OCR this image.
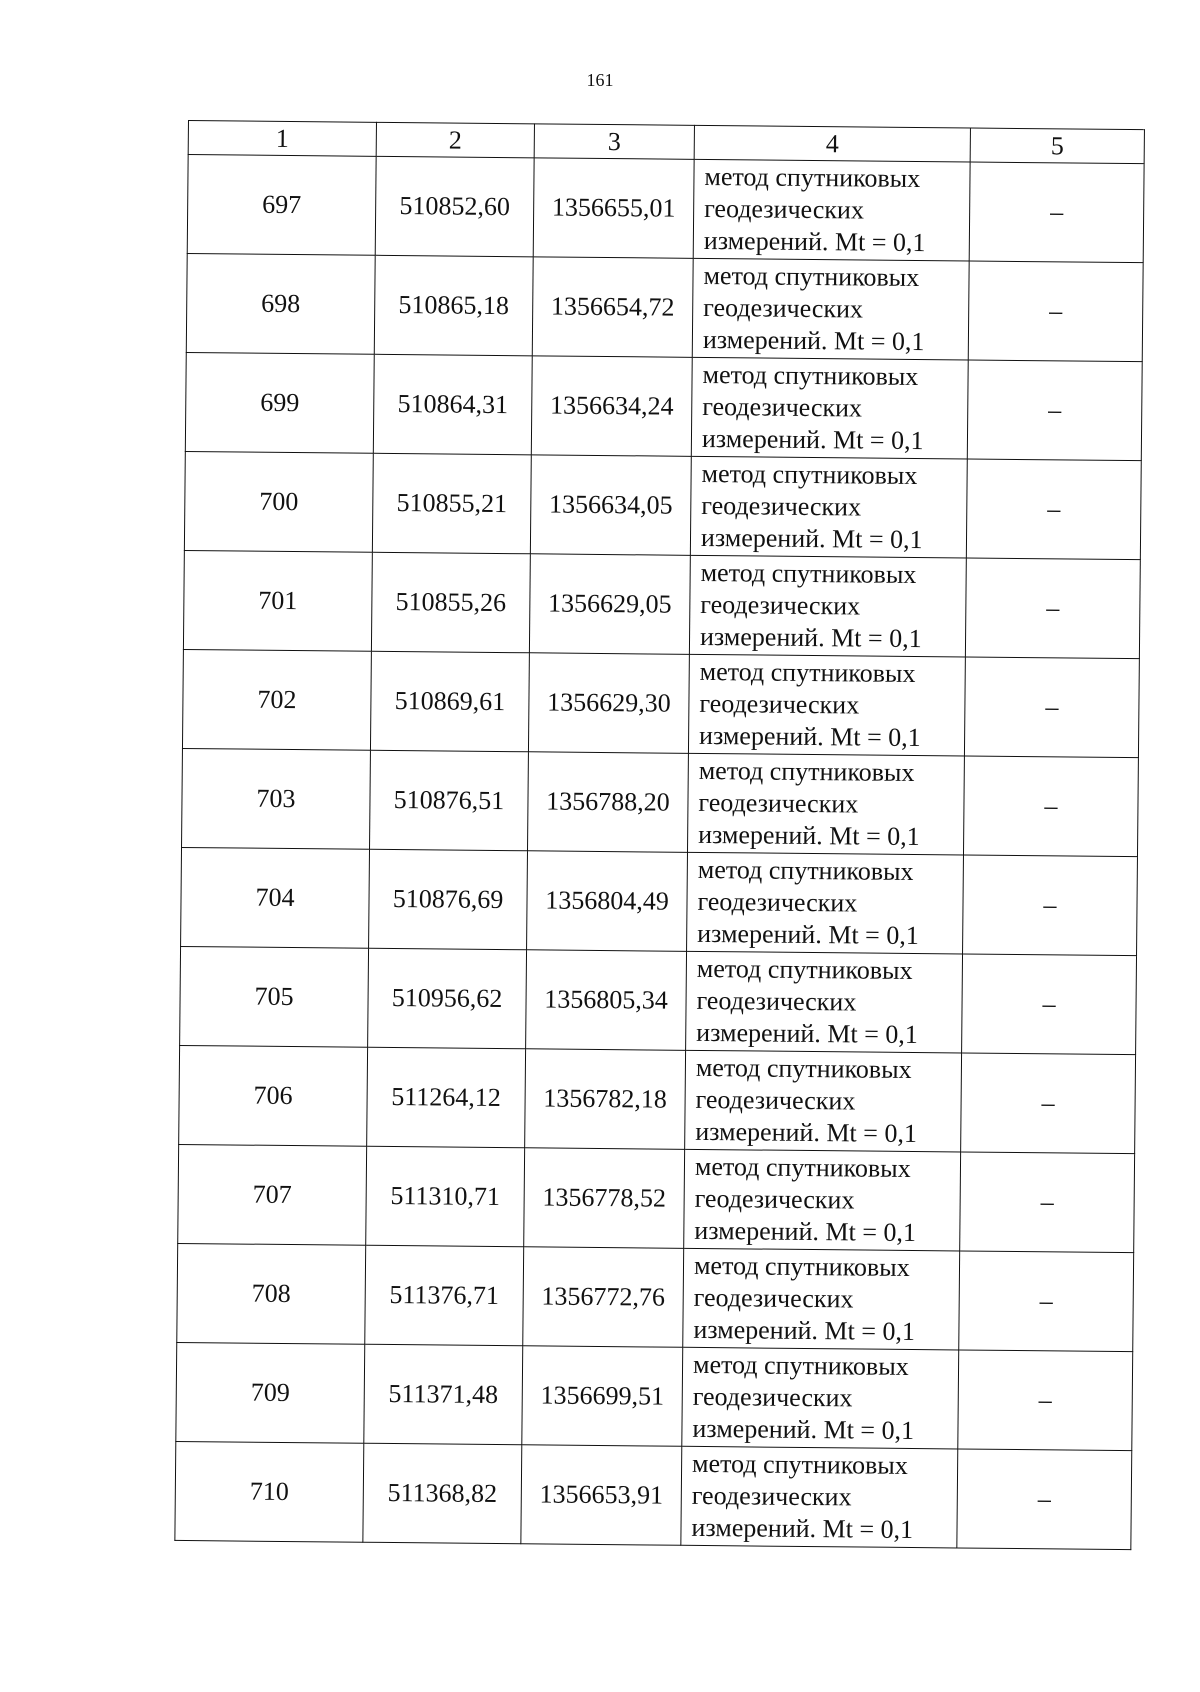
161
1	2	3	4	5
697	510852,60	1356655,01	метод спутниковых
геодезических
измерений. Mt = 0,1	–
698	510865,18	1356654,72	метод спутниковых
геодезических
измерений. Mt = 0,1	–
699	510864,31	1356634,24	метод спутниковых
геодезических
измерений. Mt = 0,1	–
700	510855,21	1356634,05	метод спутниковых
геодезических
измерений. Mt = 0,1	–
701	510855,26	1356629,05	метод спутниковых
геодезических
измерений. Mt = 0,1	–
702	510869,61	1356629,30	метод спутниковых
геодезических
измерений. Mt = 0,1	–
703	510876,51	1356788,20	метод спутниковых
геодезических
измерений. Mt = 0,1	–
704	510876,69	1356804,49	метод спутниковых
геодезических
измерений. Mt = 0,1	–
705	510956,62	1356805,34	метод спутниковых
геодезических
измерений. Mt = 0,1	–
706	511264,12	1356782,18	метод спутниковых
геодезических
измерений. Mt = 0,1	–
707	511310,71	1356778,52	метод спутниковых
геодезических
измерений. Mt = 0,1	–
708	511376,71	1356772,76	метод спутниковых
геодезических
измерений. Mt = 0,1	–
709	511371,48	1356699,51	метод спутниковых
геодезических
измерений. Mt = 0,1	–
710	511368,82	1356653,91	метод спутниковых
геодезических
измерений. Mt = 0,1	–
